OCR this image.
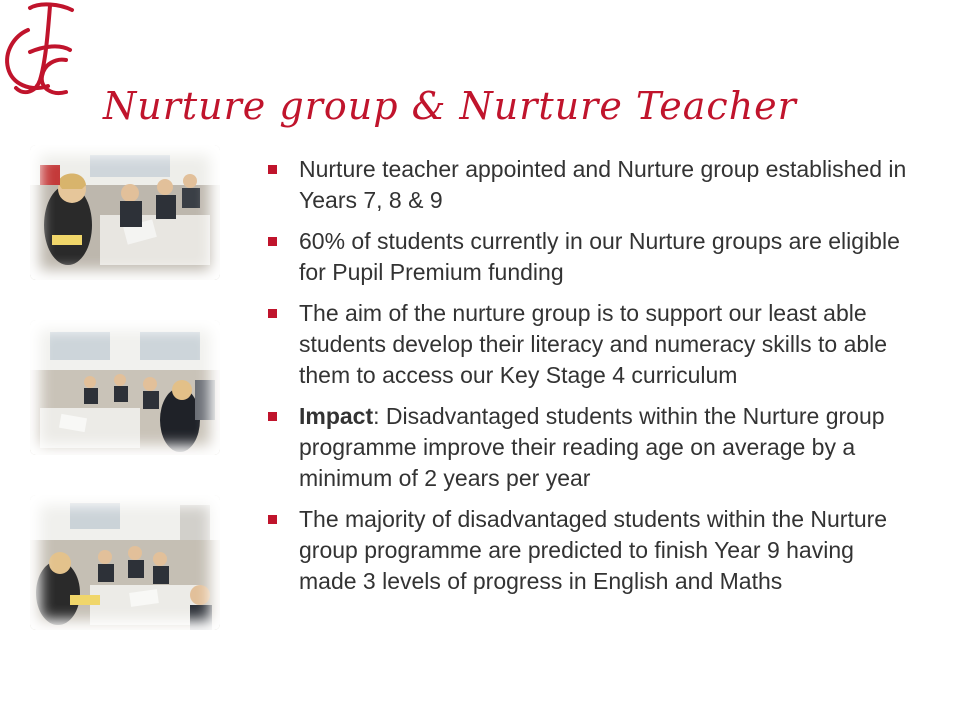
Nurture group & Nurture Teacher
Nurture teacher appointed and Nurture group established in Years 7, 8 & 9
60% of students currently in our Nurture groups are eligible for Pupil Premium funding
The aim of the nurture group is to support our least able students develop their literacy and numeracy skills to able them to access our Key Stage 4 curriculum
Impact: Disadvantaged students within the Nurture group programme improve their reading age on average by a minimum of 2 years per year
The majority of disadvantaged students within the Nurture group programme are predicted to finish Year 9 having made 3 levels of progress in English and Maths
